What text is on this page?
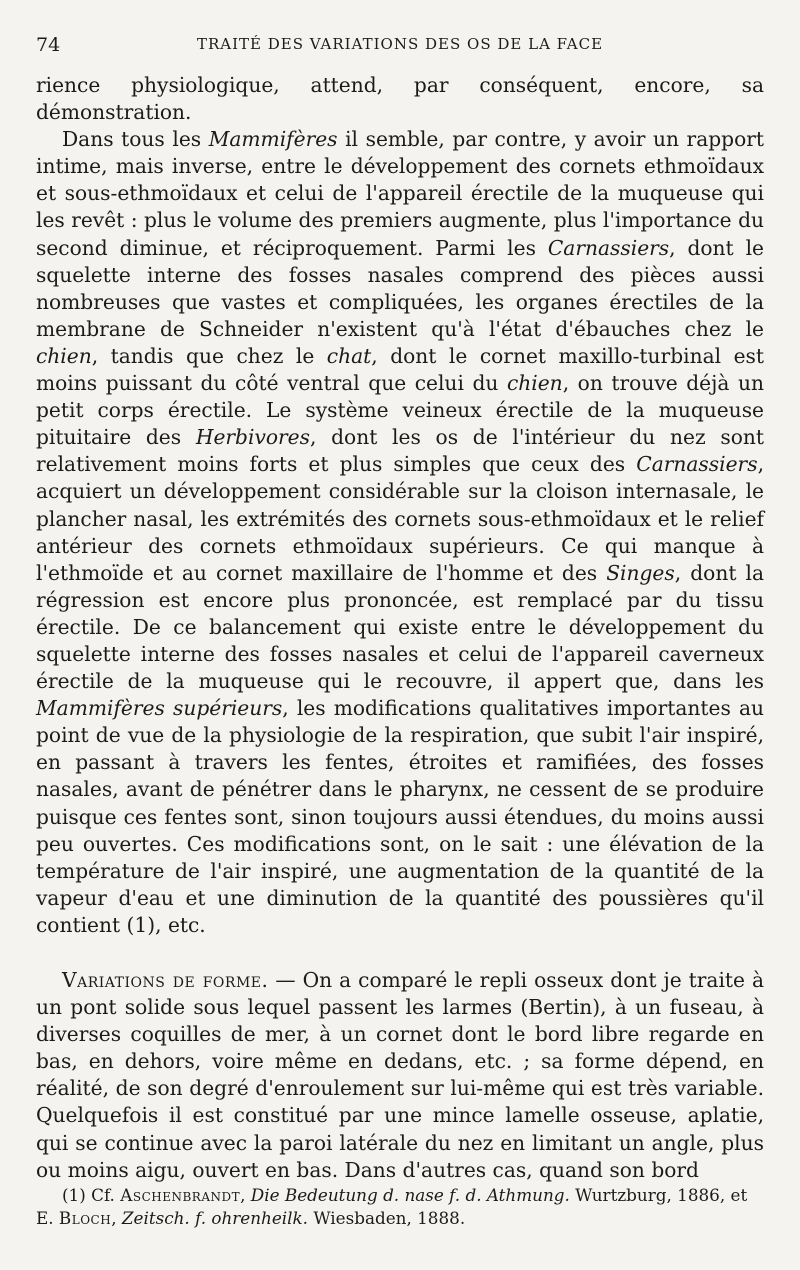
74	TRAITÉ DES VARIATIONS DES OS DE LA FACE

rience physiologique, attend, par conséquent, encore, sa démonstration.

Dans tous les Mammifères il semble, par contre, y avoir un rapport intime, mais inverse, entre le développement des cornets ethmoïdaux et sous-ethmoïdaux et celui de l'appareil érectile de la muqueuse qui les revêt : plus le volume des premiers augmente, plus l'importance du second diminue, et réciproquement. Parmi les Carnassiers, dont le squelette interne des fosses nasales comprend des pièces aussi nombreuses que vastes et compliquées, les organes érectiles de la membrane de Schneider n'existent qu'à l'état d'ébauches chez le chien, tandis que chez le chat, dont le cornet maxillo-turbinal est moins puissant du côté ventral que celui du chien, on trouve déjà un petit corps érectile. Le système veineux érectile de la muqueuse pituitaire des Herbivores, dont les os de l'intérieur du nez sont relativement moins forts et plus simples que ceux des Carnassiers, acquiert un développement considérable sur la cloison internasale, le plancher nasal, les extrémités des cornets sous-ethmoïdaux et le relief antérieur des cornets ethmoïdaux supérieurs. Ce qui manque à l'ethmoïde et au cornet maxillaire de l'homme et des Singes, dont la régression est encore plus prononcée, est remplacé par du tissu érectile. De ce balancement qui existe entre le développement du squelette interne des fosses nasales et celui de l'appareil caverneux érectile de la muqueuse qui le recouvre, il appert que, dans les Mammifères supérieurs, les modifications qualitatives importantes au point de vue de la physiologie de la respiration, que subit l'air inspiré, en passant à travers les fentes, étroites et ramifiées, des fosses nasales, avant de pénétrer dans le pharynx, ne cessent de se produire puisque ces fentes sont, sinon toujours aussi étendues, du moins aussi peu ouvertes. Ces modifications sont, on le sait : une élévation de la température de l'air inspiré, une augmentation de la quantité de la vapeur d'eau et une diminution de la quantité des poussières qu'il contient (1), etc.

Variations de forme. — On a comparé le repli osseux dont je traite à un pont solide sous lequel passent les larmes (Bertin), à un fuseau, à diverses coquilles de mer, à un cornet dont le bord libre regarde en bas, en dehors, voire même en dedans, etc. ; sa forme dépend, en réalité, de son degré d'enroulement sur lui-même qui est très variable. Quelquefois il est constitué par une mince lamelle osseuse, aplatie, qui se continue avec la paroi latérale du nez en limitant un angle, plus ou moins aigu, ouvert en bas. Dans d'autres cas, quand son bord

(1) Cf. Aschenbrandt, Die Bedeutung d. nase f. d. Athmung. Wurtzburg, 1886, et E. Bloch, Zeitsch. f. ohrenheilk. Wiesbaden, 1888.
